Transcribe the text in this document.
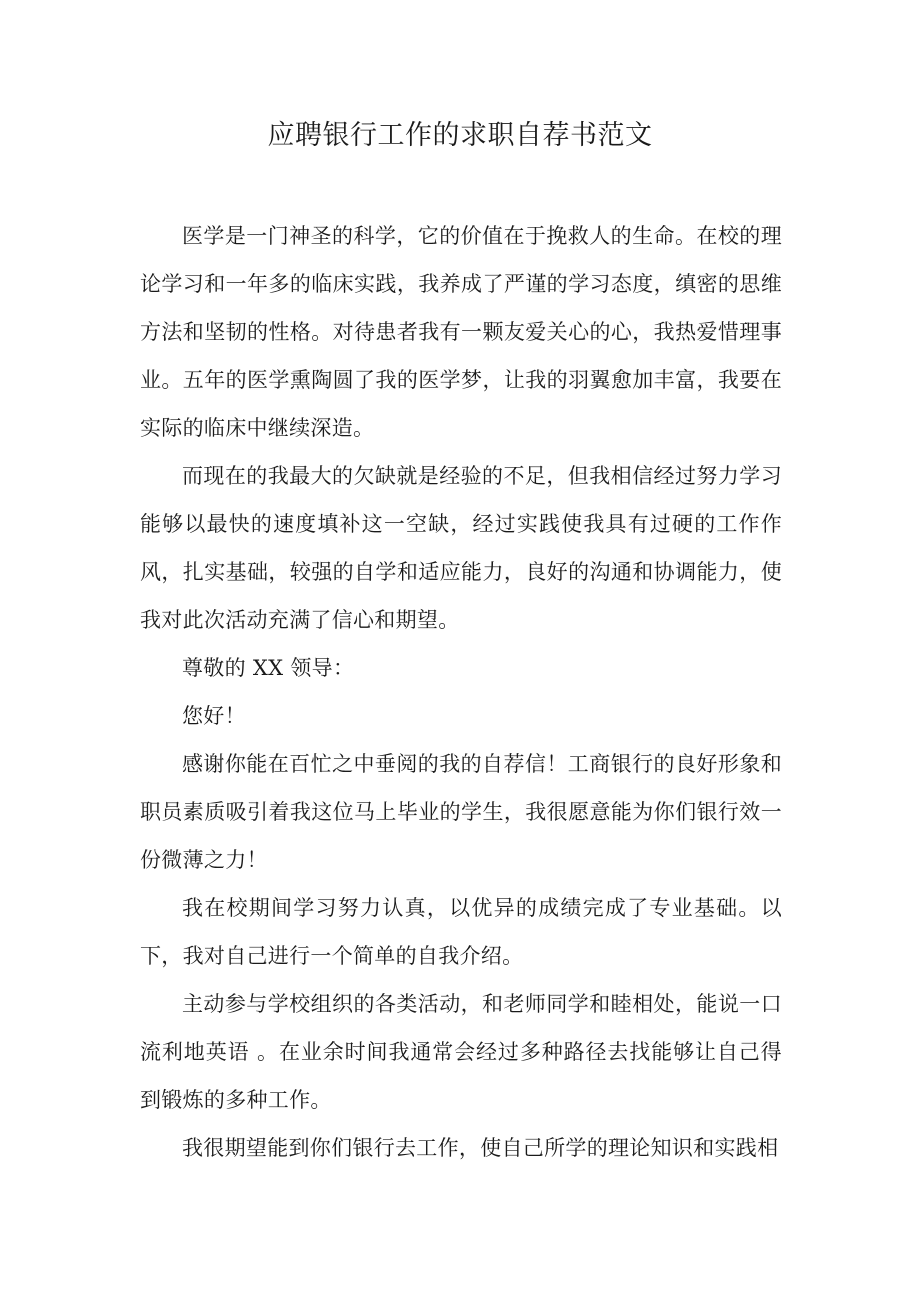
应聘银行工作的求职自荐书范文

医学是一门神圣的科学，它的价值在于挽救人的生命。在校的理论学习和一年多的临床实践，我养成了严谨的学习态度，缜密的思维方法和坚韧的性格。对待患者我有一颗友爱关心的心，我热爱惜理事业。五年的医学熏陶圆了我的医学梦，让我的羽翼愈加丰富，我要在实际的临床中继续深造。

而现在的我最大的欠缺就是经验的不足，但我相信经过努力学习能够以最快的速度填补这一空缺，经过实践使我具有过硬的工作作风，扎实基础，较强的自学和适应能力，良好的沟通和协调能力，使我对此次活动充满了信心和期望。

尊敬的 XX 领导：

您好！

感谢你能在百忙之中垂阅的我的自荐信！工商银行的良好形象和职员素质吸引着我这位马上毕业的学生，我很愿意能为你们银行效一份微薄之力！

我在校期间学习努力认真，以优异的成绩完成了专业基础。以下，我对自己进行一个简单的自我介绍。

主动参与学校组织的各类活动，和老师同学和睦相处，能说一口流利地英语 。在业余时间我通常会经过多种路径去找能够让自己得到锻炼的多种工作。

我很期望能到你们银行去工作，使自己所学的理论知识和实践相
